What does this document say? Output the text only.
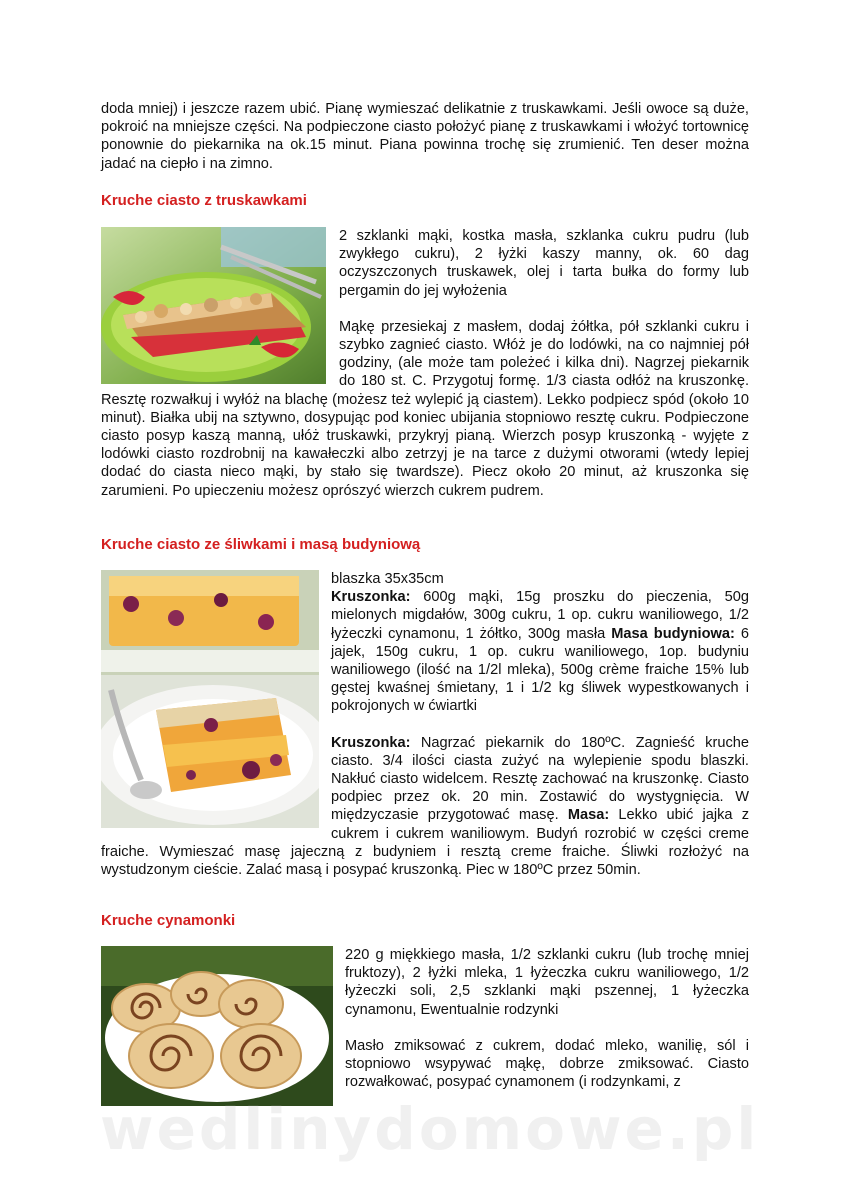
doda mniej) i jeszcze razem ubić. Pianę wymieszać delikatnie z truskawkami. Jeśli owoce są duże, pokroić na mniejsze części. Na podpieczone ciasto położyć pianę z truskawkami i włożyć tortownicę ponownie do piekarnika na ok.15 minut. Piana powinna trochę się zrumienić. Ten deser można jadać na ciepło i na zimno.

Kruche ciasto z truskawkami

2 szklanki mąki, kostka masła, szklanka cukru pudru (lub zwykłego cukru), 2 łyżki kaszy manny, ok. 60 dag oczyszczonych truskawek, olej i tarta bułka do formy lub pergamin do jej wyłożenia

Mąkę przesiekaj z masłem, dodaj żółtka, pół szklanki cukru i szybko zagnieć ciasto. Włóż je do lodówki, na co najmniej pół godziny, (ale może tam poleżeć i kilka dni). Nagrzej piekarnik do 180 st. C. Przygotuj formę. 1/3 ciasta odłóż na kruszonkę. Resztę rozwałkuj i wyłóż na blachę (możesz też wylepić ją ciastem). Lekko podpiecz spód (około 10 minut). Białka ubij na sztywno, dosypując pod koniec ubijania stopniowo resztę cukru. Podpieczone ciasto posyp kaszą manną, ułóż truskawki, przykryj pianą. Wierzch posyp kruszonką - wyjęte z lodówki ciasto rozdrobnij na kawałeczki albo zetrzyj je na tarce z dużymi otworami (wtedy lepiej dodać do ciasta nieco mąki, by stało się twardsze). Piecz około 20 minut, aż kruszonka się zarumieni. Po upieczeniu możesz oprószyć wierzch cukrem pudrem.

Kruche ciasto ze śliwkami i masą budyniową

blaszka 35x35cm

Kruszonka: 600g mąki, 15g proszku do pieczenia, 50g mielonych migdałów, 300g cukru, 1 op. cukru waniliowego, 1/2 łyżeczki cynamonu, 1 żółtko, 300g masła Masa budyniowa: 6 jajek, 150g cukru, 1 op. cukru waniliowego, 1op. budyniu waniliowego (ilość na 1/2l mleka), 500g crème fraiche 15% lub gęstej kwaśnej śmietany, 1 i 1/2 kg śliwek wypestkowanych i pokrojonych w ćwiartki

Kruszonka: Nagrzać piekarnik do 180ºC. Zagnieść kruche ciasto. 3/4 ilości ciasta zużyć na wylepienie spodu blaszki. Nakłuć ciasto widelcem. Resztę zachować na kruszonkę. Ciasto podpiec przez ok. 20 min. Zostawić do wystygnięcia. W międzyczasie przygotować masę. Masa: Lekko ubić jajka z cukrem i cukrem waniliowym. Budyń rozrobić w części creme fraiche. Wymieszać masę jajeczną z budyniem i resztą creme fraiche. Śliwki rozłożyć na wystudzonym cieście. Zalać masą i posypać kruszonką. Piec w 180ºC przez 50min.

Kruche cynamonki

220 g miękkiego masła, 1/2 szklanki cukru (lub trochę mniej fruktozy), 2 łyżki mleka, 1 łyżeczka cukru waniliowego, 1/2 łyżeczki soli, 2,5 szklanki mąki pszennej, 1 łyżeczka cynamonu, Ewentualnie rodzynki

Masło zmiksować z cukrem, dodać mleko, wanilię, sól i stopniowo wsypywać mąkę, dobrze zmiksować. Ciasto rozwałkować, posypać cynamonem (i rodzynkami, z

wedlinydomowe.pl
